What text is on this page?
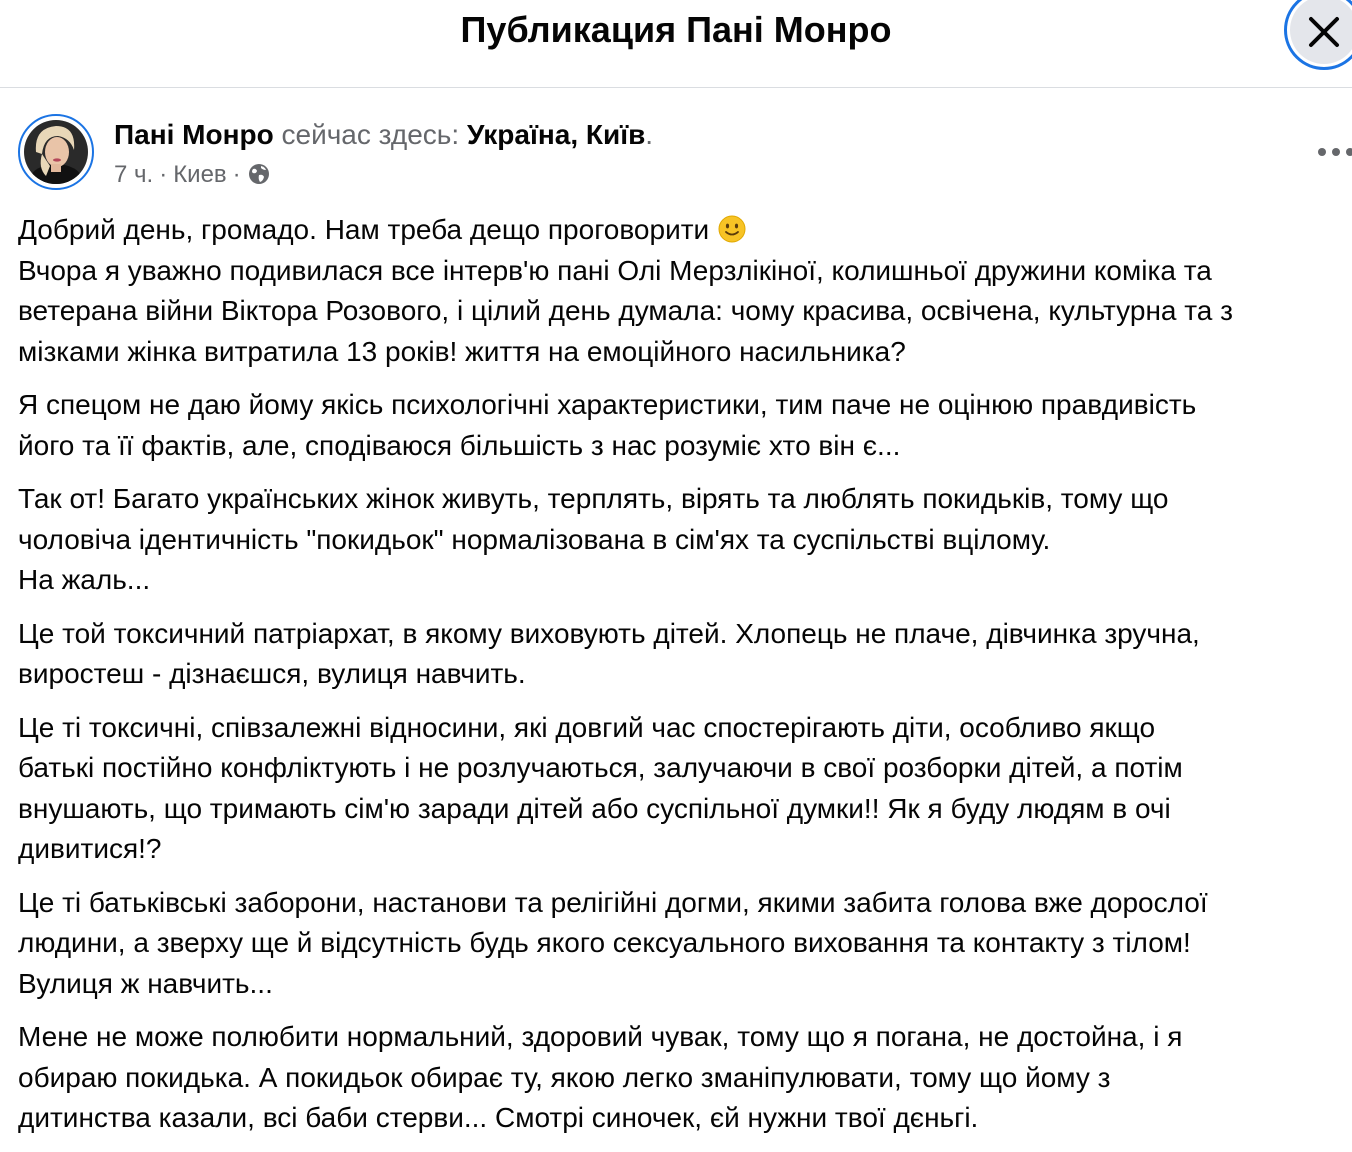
Публикация Пані Монро
Пані Монро сейчас здесь: Україна, Київ.
7 ч. · Киев ·

Добрий день, громадо. Нам треба дещо проговорити
Вчора я уважно подивилася все інтерв'ю пані Олі Мерзлікіної, колишньої дружини коміка та
ветерана війни Віктора Розового, і цілий день думала: чому красива, освічена, культурна та з
мізками жінка витратила 13 років! життя на емоційного насильника?

Я спецом не даю йому якісь психологічні характеристики, тим паче не оцінюю правдивість
його та її фактів, але, сподіваюся більшість з нас розуміє хто він є...

Так от! Багато українських жінок живуть, терплять, вірять та люблять покидьків, тому що
чоловіча ідентичність "покидьок" нормалізована в сім'ях та суспільстві вцілому.
На жаль...

Це той токсичний патріархат, в якому виховують дітей. Хлопець не плаче, дівчинка зручна,
виростеш - дізнаєшся, вулиця навчить.

Це ті токсичні, співзалежні відносини, які довгий час спостерігають діти, особливо якщо
батькі постійно конфліктують і не розлучаються, залучаючи в свої розборки дітей, а потім
внушають, що тримають сім'ю заради дітей або суспільної думки!! Як я буду людям в очі
дивитися!?

Це ті батьківські заборони, настанови та релігійні догми, якими забита голова вже дорослої
людини, а зверху ще й відсутність будь якого сексуального виховання та контакту з тілом!
Вулиця ж навчить...

Мене не може полюбити нормальний, здоровий чувак, тому що я погана, не достойна, і я
обираю покидька. А покидьок обирає ту, якою легко зманіпулювати, тому що йому з
дитинства казали, всі баби стерви... Смотрі синочек, єй нужни твої дєньгі.
